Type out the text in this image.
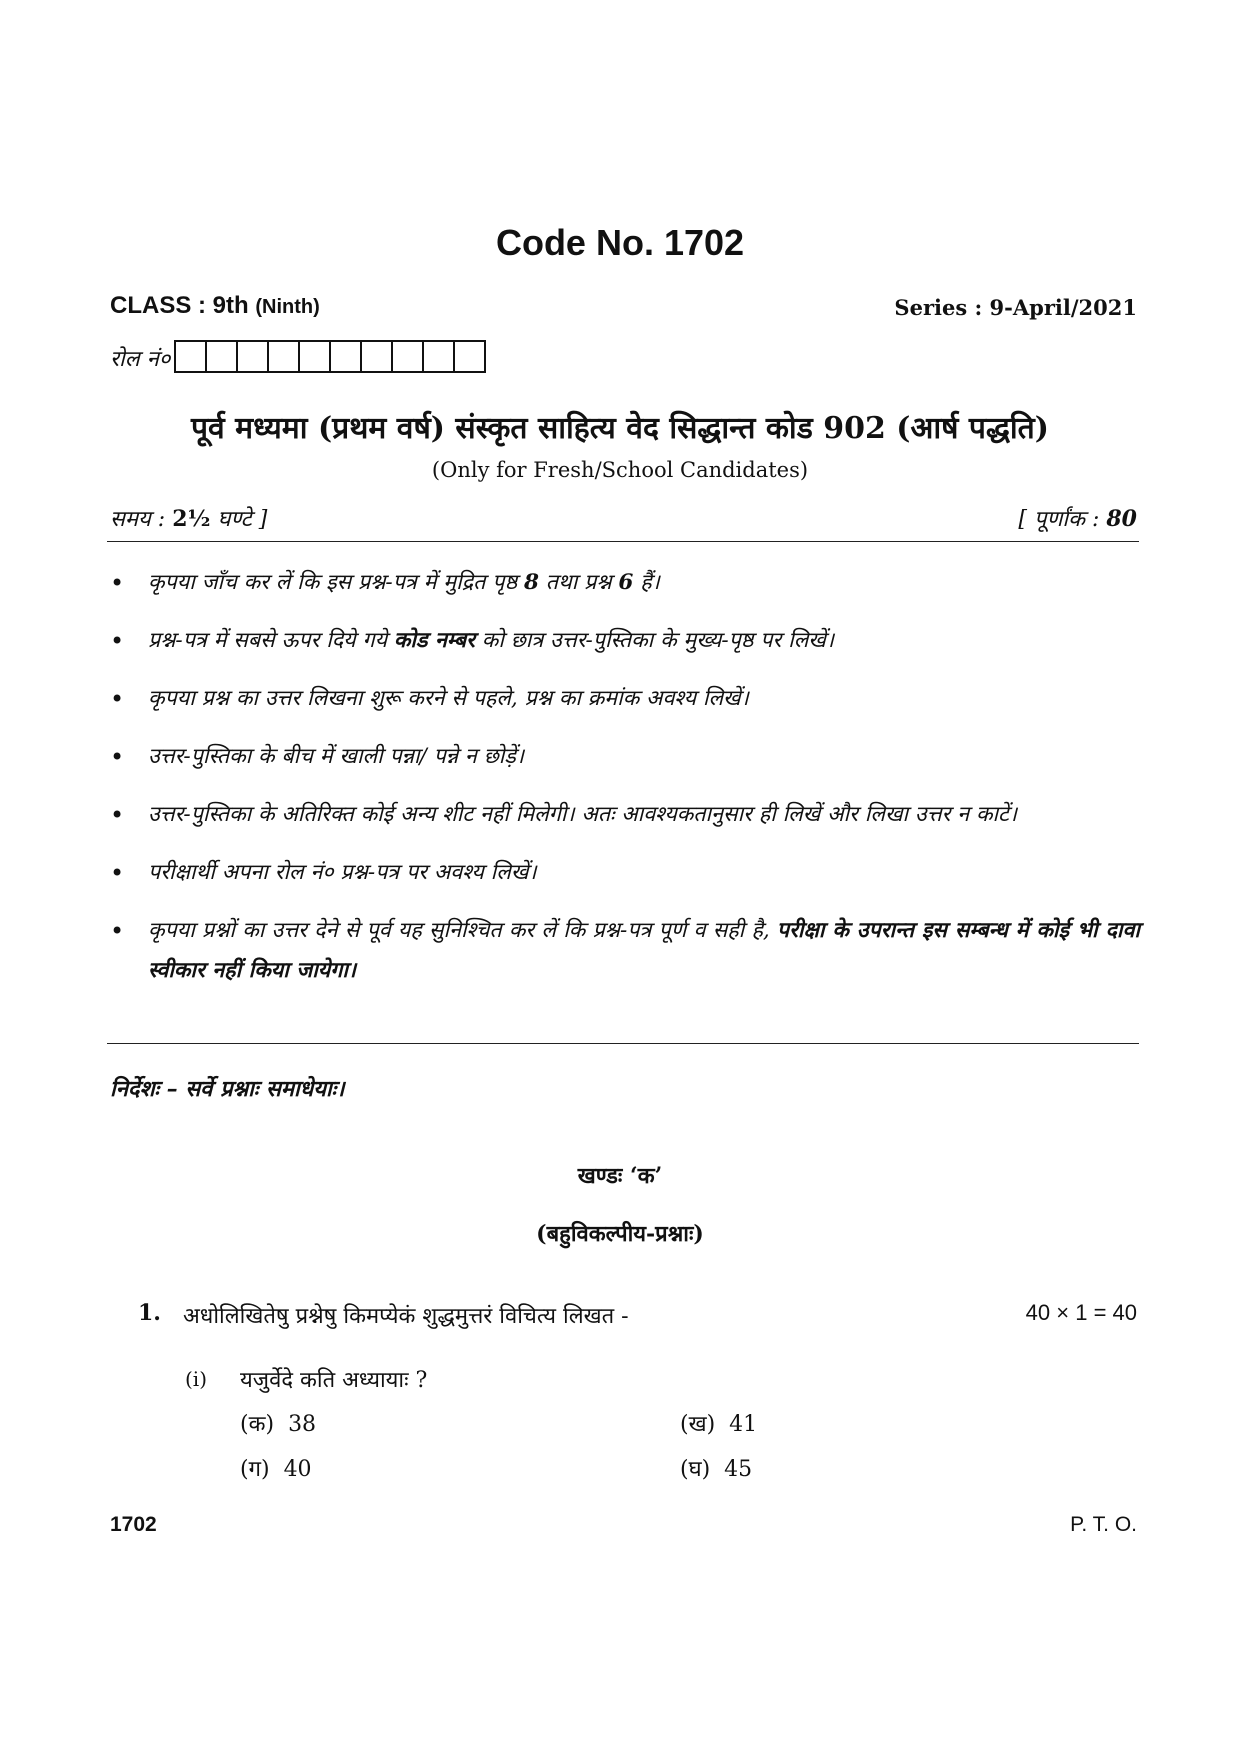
Code No. 1702
CLASS : 9th (Ninth)	Series : 9-April/2021
रोल नं०
पूर्व मध्यमा (प्रथम वर्ष) संस्कृत साहित्य वेद सिद्धान्त कोड 902 (आर्ष पद्धति)
(Only for Fresh/School Candidates)
समय : 2½ घण्टे ]	[ पूर्णांक : 80
• कृपया जाँच कर लें कि इस प्रश्न-पत्र में मुद्रित पृष्ठ 8 तथा प्रश्न 6 हैं।
• प्रश्न-पत्र में सबसे ऊपर दिये गये कोड नम्बर को छात्र उत्तर-पुस्तिका के मुख्य-पृष्ठ पर लिखें।
• कृपया प्रश्न का उत्तर लिखना शुरू करने से पहले, प्रश्न का क्रमांक अवश्य लिखें।
• उत्तर-पुस्तिका के बीच में खाली पन्ना/ पन्ने न छोड़ें।
• उत्तर-पुस्तिका के अतिरिक्त कोई अन्य शीट नहीं मिलेगी। अतः आवश्यकतानुसार ही लिखें और लिखा उत्तर न काटें।
• परीक्षार्थी अपना रोल नं० प्रश्न-पत्र पर अवश्य लिखें।
• कृपया प्रश्नों का उत्तर देने से पूर्व यह सुनिश्चित कर लें कि प्रश्न-पत्र पूर्ण व सही है, परीक्षा के उपरान्त इस सम्बन्ध में कोई भी दावा स्वीकार नहीं किया जायेगा।
निर्देशः – सर्वे प्रश्नाः समाधेयाः।
खण्डः ‘क’
(बहुविकल्पीय-प्रश्नाः)
1. अधोलिखितेषु प्रश्नेषु किमप्येकं शुद्धमुत्तरं विचित्य लिखत -	40 × 1 = 40
(i) यजुर्वेदे कति अध्यायाः ?
(क) 38	(ख) 41
(ग) 40	(घ) 45
1702	P. T. O.
